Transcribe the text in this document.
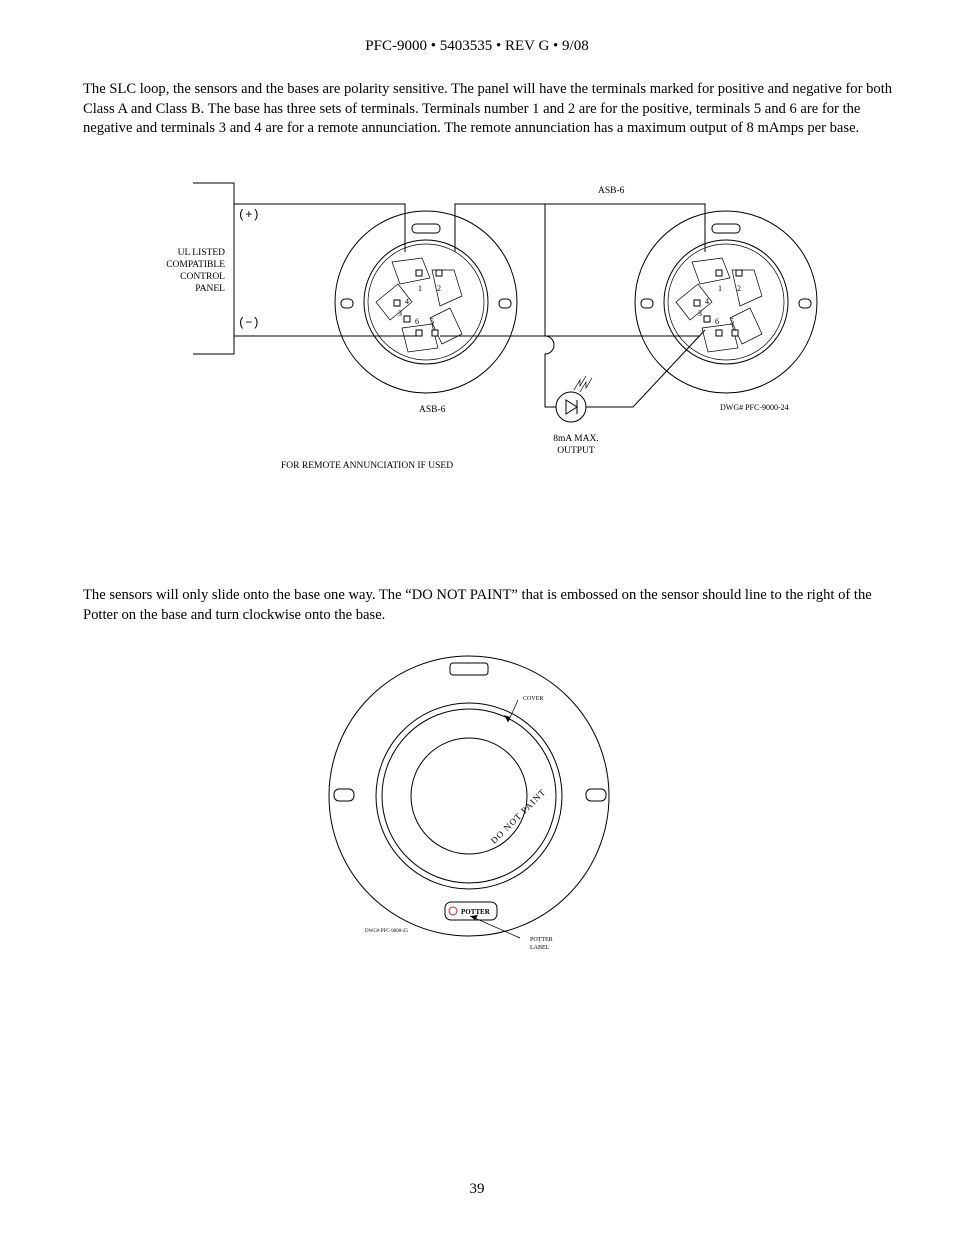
PFC-9000 • 5403535 • REV G • 9/08
The SLC loop, the sensors and the bases are polarity sensitive. The panel will have the terminals marked for positive and negative for both Class A and Class B. The base has three sets of terminals. Terminals number 1 and 2 are for the positive, terminals 5 and 6 are for the negative and terminals 3 and 4 are for a remote annunciation. The remote annunciation has a maximum output of 8 mAmps per base.
UL LISTED
COMPATIBLE
CONTROL
PANEL
(+)
(−)
ASB-6
ASB-6
1 2
3
4
5
6
1 2
3
4
5
6
8mA MAX.
OUTPUT
DWG# PFC-9000-24
FOR REMOTE ANNUNCIATION IF USED
The sensors will only slide onto the base one way. The “DO NOT PAINT” that is embossed on the sensor should line to the right of the Potter on the base and turn clockwise onto the base.
COVER
DO NOT PAINT
POTTER
POTTER
LABEL
DWG# PFC-9000-25
39
